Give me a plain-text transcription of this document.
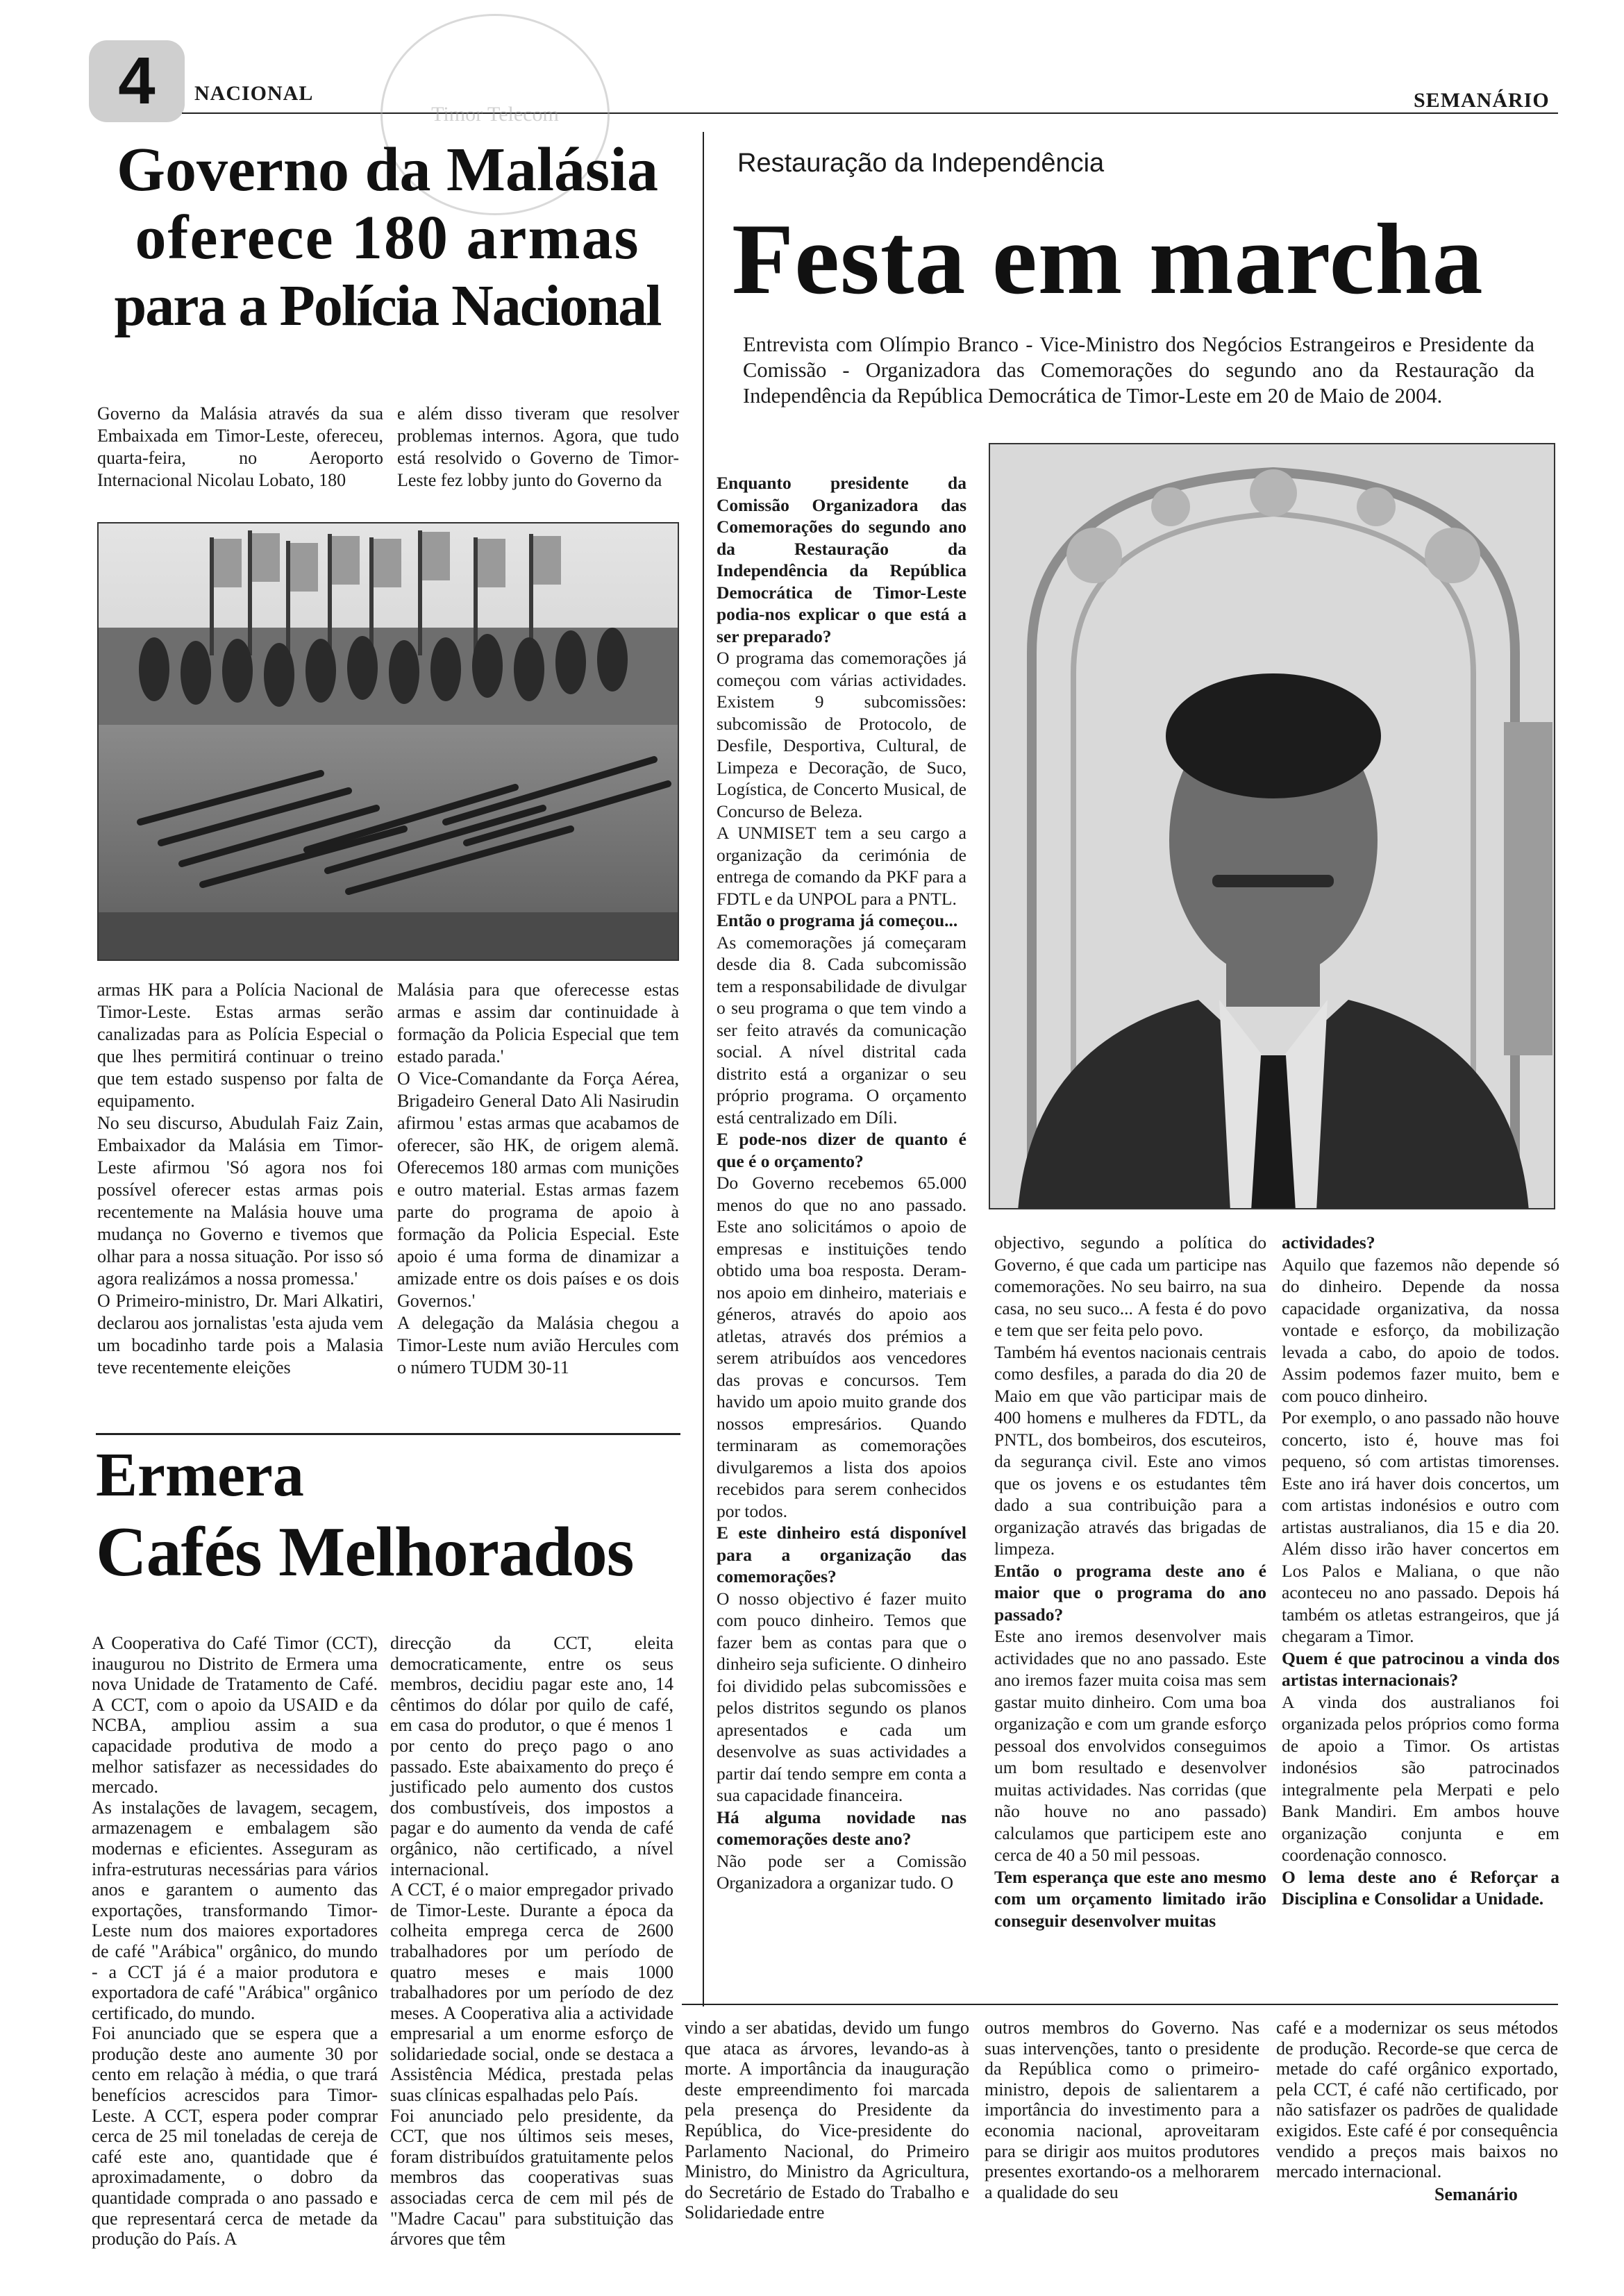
4 NACIONAL	SEMANÁRIO
Timor Telecom
Governo da Malásia
oferece 180 armas
para a Polícia Nacional

Governo da Malásia através da sua Embaixada em Timor-Leste, ofereceu, quarta-feira, no Aeroporto Internacional Nicolau Lobato, 180

e além disso tiveram que resolver problemas internos. Agora, que tudo está resolvido o Governo de Timor-Leste fez lobby junto do Governo da

armas HK para a Polícia Nacional de Timor-Leste. Estas armas serão canalizadas para as Polícia Especial o que lhes permitirá continuar o treino que tem estado suspenso por falta de equipamento.

No seu discurso, Abudulah Faiz Zain, Embaixador da Malásia em Timor-Leste afirmou 'Só agora nos foi possível oferecer estas armas pois recentemente na Malásia houve uma mudança no Governo e tivemos que olhar para a nossa situação. Por isso só agora realizámos a nossa promessa.'

O Primeiro-ministro, Dr. Mari Alkatiri, declarou aos jornalistas 'esta ajuda vem um bocadinho tarde pois a Malasia teve recentemente eleições

Malásia para que oferecesse estas armas e assim dar continuidade à formação da Policia Especial que tem estado parada.'

O Vice-Comandante da Força Aérea, Brigadeiro General Dato Ali Nasirudin afirmou ' estas armas que acabamos de oferecer, são HK, de origem alemã. Oferecemos 180 armas com munições e outro material. Estas armas fazem parte do programa de apoio à formação da Policia Especial. Este apoio é uma forma de dinamizar a amizade entre os dois países e os dois Governos.'

A delegação da Malásia chegou a Timor-Leste num avião Hercules com o número TUDM 30-11

Ermera
Cafés Melhorados

A Cooperativa do Café Timor (CCT), inaugurou no Distrito de Ermera uma nova Unidade de Tratamento de Café. A CCT, com o apoio da USAID e da NCBA, ampliou assim a sua capacidade produtiva de modo a melhor satisfazer as necessidades do mercado.

As instalações de lavagem, secagem, armazenagem e embalagem são modernas e eficientes. Asseguram as infra-estruturas necessárias para vários anos e garantem o aumento das exportações, transformando Timor-Leste num dos maiores exportadores de café "Arábica" orgânico, do mundo - a CCT já é a maior produtora e exportadora de café "Arábica" orgânico certificado, do mundo.

Foi anunciado que se espera que a produção deste ano aumente 30 por cento em relação à média, o que trará benefícios acrescidos para Timor-Leste. A CCT, espera poder comprar cerca de 25 mil toneladas de cereja de café este ano, quantidade que é aproximadamente, o dobro da quantidade comprada o ano passado e que representará cerca de metade da produção do País. A

direcção da CCT, eleita democraticamente, entre os seus membros, decidiu pagar este ano, 14 cêntimos do dólar por quilo de café, em casa do produtor, o que é menos 1 por cento do preço pago o ano passado. Este abaixamento do preço é justificado pelo aumento dos custos dos combustíveis, dos impostos a pagar e do aumento da venda de café orgânico, não certificado, a nível internacional.

A CCT, é o maior empregador privado de Timor-Leste. Durante a época da colheita emprega cerca de 2600 trabalhadores por um período de quatro meses e mais 1000 trabalhadores por um período de dez meses. A Cooperativa alia a actividade empresarial a um enorme esforço de solidariedade social, onde se destaca a Assistência Médica, prestada pelas suas clínicas espalhadas pelo País.

Foi anunciado pelo presidente, da CCT, que nos últimos seis meses, foram distribuídos gratuitamente pelos membros das cooperativas suas associadas cerca de cem mil pés de "Madre Cacau" para substituição das árvores que têm

Restauração da Independência
Festa em marcha
Entrevista com Olímpio Branco - Vice-Ministro dos Negócios Estrangeiros e Presidente da Comissão - Organizadora das Comemorações do segundo ano da Restauração da Independência da República Democrática de Timor-Leste em 20 de Maio de 2004.

Enquanto presidente da Comissão Organizadora das Comemorações do segundo ano da Restauração da Independência da República Democrática de Timor-Leste podia-nos explicar o que está a ser preparado?

O programa das comemorações já começou com várias actividades. Existem 9 subcomissões: subcomissão de Protocolo, de Desfile, Desportiva, Cultural, de Limpeza e Decoração, de Suco, Logística, de Concerto Musical, de Concurso de Beleza.

A UNMISET tem a seu cargo a organização da cerimónia de entrega de comando da PKF para a FDTL e da UNPOL para a PNTL.

Então o programa já começou...

As comemorações já começaram desde dia 8. Cada subcomissão tem a responsabilidade de divulgar o seu programa o que tem vindo a ser feito através da comunicação social. A nível distrital cada distrito está a organizar o seu próprio programa. O orçamento está centralizado em Díli.

E pode-nos dizer de quanto é que é o orçamento?

Do Governo recebemos 65.000 menos do que no ano passado. Este ano solicitámos o apoio de empresas e instituições tendo obtido uma boa resposta. Deram-nos apoio em dinheiro, materiais e géneros, através do apoio aos atletas, através dos prémios a serem atribuídos aos vencedores das provas e concursos. Tem havido um apoio muito grande dos nossos empresários. Quando terminaram as comemorações divulgaremos a lista dos apoios recebidos para serem conhecidos por todos.

E este dinheiro está disponível para a organização das comemorações?

O nosso objectivo é fazer muito com pouco dinheiro. Temos que fazer bem as contas para que o dinheiro seja suficiente. O dinheiro foi dividido pelas subcomissões e pelos distritos segundo os planos apresentados e cada um desenvolve as suas actividades a partir daí tendo sempre em conta a sua capacidade financeira.

Há alguma novidade nas comemorações deste ano?

Não pode ser a Comissão Organizadora a organizar tudo. O

objectivo, segundo a política do Governo, é que cada um participe nas comemorações. No seu bairro, na sua casa, no seu suco... A festa é do povo e tem que ser feita pelo povo.

Também há eventos nacionais centrais como desfiles, a parada do dia 20 de Maio em que vão participar mais de 400 homens e mulheres da FDTL, da PNTL, dos bombeiros, dos escuteiros, da segurança civil. Este ano vimos que os jovens e os estudantes têm dado a sua contribuição para a organização através das brigadas de limpeza.

Então o programa deste ano é maior que o programa do ano passado?

Este ano iremos desenvolver mais actividades que no ano passado. Este ano iremos fazer muita coisa mas sem gastar muito dinheiro. Com uma boa organização e com um grande esforço pessoal dos envolvidos conseguimos um bom resultado e desenvolver muitas actividades. Nas corridas (que não houve no ano passado) calculamos que participem este ano cerca de 40 a 50 mil pessoas.

Tem esperança que este ano mesmo com um orçamento limitado irão conseguir desenvolver muitas

actividades?

Aquilo que fazemos não depende só do dinheiro. Depende da nossa capacidade organizativa, da nossa vontade e esforço, da mobilização levada a cabo, do apoio de todos. Assim podemos fazer muito, bem e com pouco dinheiro.

Por exemplo, o ano passado não houve concerto, isto é, houve mas foi pequeno, só com artistas timorenses. Este ano irá haver dois concertos, um com artistas indonésios e outro com artistas australianos, dia 15 e dia 20. Além disso irão haver concertos em Los Palos e Maliana, o que não aconteceu no ano passado. Depois há também os atletas estrangeiros, que já chegaram a Timor.

Quem é que patrocinou a vinda dos artistas internacionais?

A vinda dos australianos foi organizada pelos próprios como forma de apoio a Timor. Os artistas indonésios são patrocinados integralmente pela Merpati e pelo Bank Mandiri. Em ambos houve organização conjunta e em coordenação connosco.

O lema deste ano é Reforçar a Disciplina e Consolidar a Unidade.

vindo a ser abatidas, devido um fungo que ataca as árvores, levando-as à morte. A importância da inauguração deste empreendimento foi marcada pela presença do Presidente da República, do Vice-presidente do Parlamento Nacional, do Primeiro Ministro, do Ministro da Agricultura, do Secretário de Estado do Trabalho e Solidariedade entre

outros membros do Governo. Nas suas intervenções, tanto o presidente da República como o primeiro-ministro, depois de salientarem a importância do investimento para a economia nacional, aproveitaram para se dirigir aos muitos produtores presentes exortando-os a melhorarem a qualidade do seu

café e a modernizar os seus métodos de produção. Recorde-se que cerca de metade do café orgânico exportado, pela CCT, é café não certificado, por não satisfazer os padrões de qualidade exigidos. Este café é por consequência vendido a preços mais baixos no mercado internacional.

Semanário
